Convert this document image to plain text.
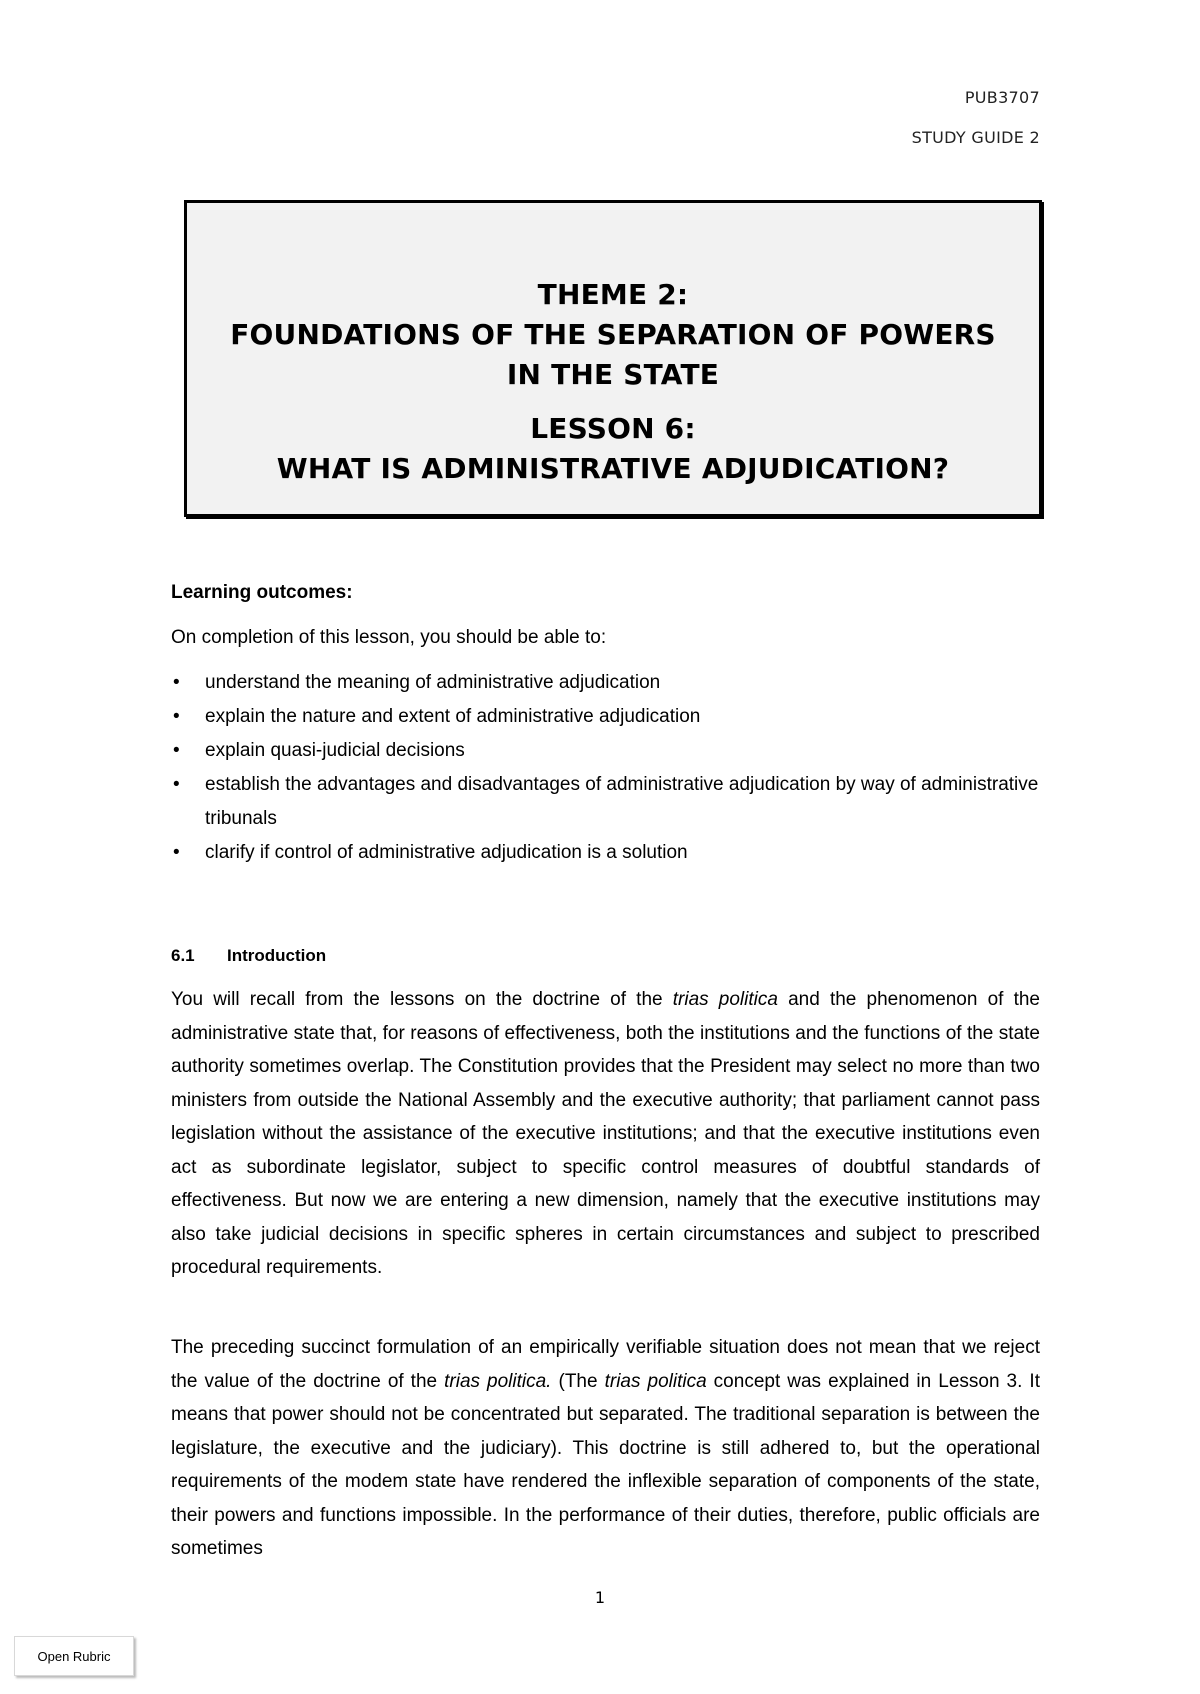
PUB3707
STUDY GUIDE 2
THEME 2:
FOUNDATIONS OF THE SEPARATION OF POWERS
IN THE STATE
LESSON 6:
WHAT IS ADMINISTRATIVE ADJUDICATION?
Learning outcomes:
On completion of this lesson, you should be able to:
• understand the meaning of administrative adjudication
• explain the nature and extent of administrative adjudication
• explain quasi-judicial decisions
• establish the advantages and disadvantages of administrative adjudication by way of administrative tribunals
• clarify if control of administrative adjudication is a solution
6.1 Introduction

You will recall from the lessons on the doctrine of the trias politica and the phenomenon of the administrative state that, for reasons of effectiveness, both the institutions and the functions of the state authority sometimes overlap. The Constitution provides that the President may select no more than two ministers from outside the National Assembly and the executive authority; that parliament cannot pass legislation without the assistance of the executive institutions; and that the executive institutions even act as subordinate legislator, subject to specific control measures of doubtful standards of effectiveness. But now we are entering a new dimension, namely that the executive institutions may also take judicial decisions in specific spheres in certain circumstances and subject to prescribed procedural requirements.

The preceding succinct formulation of an empirically verifiable situation does not mean that we reject the value of the doctrine of the trias politica. (The trias politica concept was explained in Lesson 3. It means that power should not be concentrated but separated. The traditional separation is between the legislature, the executive and the judiciary). This doctrine is still adhered to, but the operational requirements of the modem state have rendered the inflexible separation of components of the state, their powers and functions impossible. In the performance of their duties, therefore, public officials are sometimes

1
Open Rubric
